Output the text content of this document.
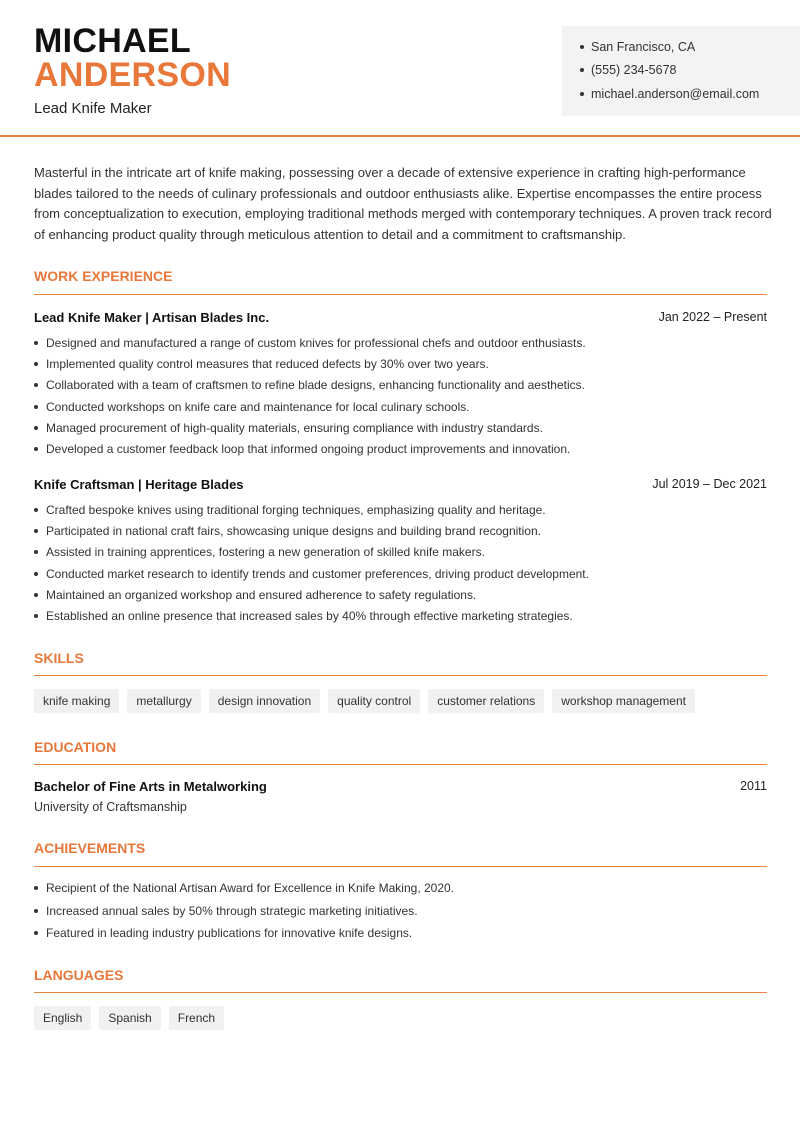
MICHAEL
ANDERSON
Lead Knife Maker
San Francisco, CA
(555) 234-5678
michael.anderson@email.com

Masterful in the intricate art of knife making, possessing over a decade of extensive experience in crafting high-performance blades tailored to the needs of culinary professionals and outdoor enthusiasts alike. Expertise encompasses the entire process from conceptualization to execution, employing traditional methods merged with contemporary techniques. A proven track record of enhancing product quality through meticulous attention to detail and a commitment to craftsmanship.

WORK EXPERIENCE
Lead Knife Maker | Artisan Blades Inc.	Jan 2022 – Present
Designed and manufactured a range of custom knives for professional chefs and outdoor enthusiasts.
Implemented quality control measures that reduced defects by 30% over two years.
Collaborated with a team of craftsmen to refine blade designs, enhancing functionality and aesthetics.
Conducted workshops on knife care and maintenance for local culinary schools.
Managed procurement of high-quality materials, ensuring compliance with industry standards.
Developed a customer feedback loop that informed ongoing product improvements and innovation.
Knife Craftsman | Heritage Blades	Jul 2019 – Dec 2021
Crafted bespoke knives using traditional forging techniques, emphasizing quality and heritage.
Participated in national craft fairs, showcasing unique designs and building brand recognition.
Assisted in training apprentices, fostering a new generation of skilled knife makers.
Conducted market research to identify trends and customer preferences, driving product development.
Maintained an organized workshop and ensured adherence to safety regulations.
Established an online presence that increased sales by 40% through effective marketing strategies.
SKILLS
knife making	metallurgy	design innovation	quality control	customer relations	workshop management
EDUCATION
Bachelor of Fine Arts in Metalworking	2011
University of Craftsmanship
ACHIEVEMENTS
Recipient of the National Artisan Award for Excellence in Knife Making, 2020.
Increased annual sales by 50% through strategic marketing initiatives.
Featured in leading industry publications for innovative knife designs.
LANGUAGES
English	Spanish	French
